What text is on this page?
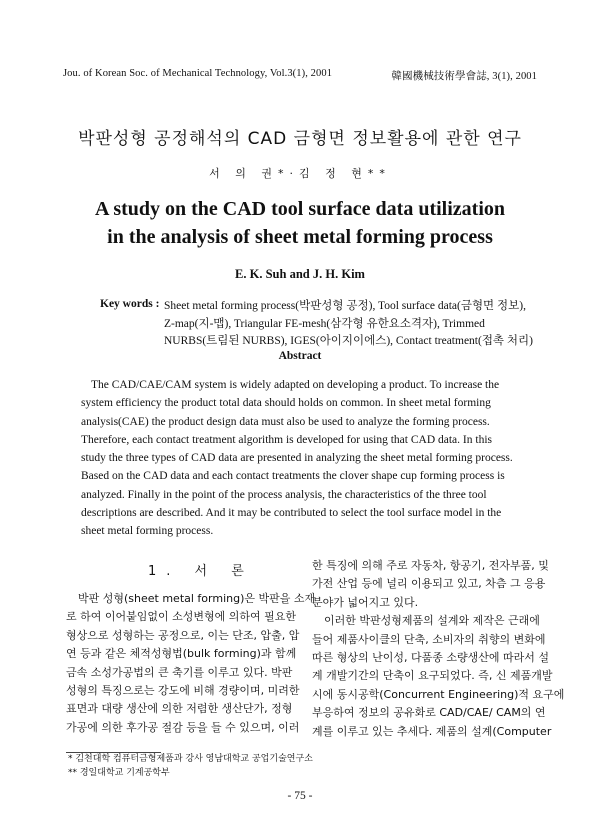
Jou. of Korean Soc. of Mechanical Technology, Vol.3(1), 2001	韓國機械技術學會誌, 3(1), 2001
박판성형 공정해석의 CAD 금형면 정보활용에 관한 연구
서 의 권*·김 정 현**
A study on the CAD tool surface data utilization
in the analysis of sheet metal forming process
E. K. Suh and J. H. Kim
Key words : Sheet metal forming process(박판성형 공정), Tool surface data(금형면 정보),
Z-map(지-맵), Triangular FE-mesh(삼각형 유한요소격자), Trimmed
NURBS(트림된 NURBS), IGES(아이지이에스), Contact treatment(접촉 처리)
Abstract
The CAD/CAE/CAM system is widely adapted on developing a product. To increase the
system efficiency the product total data should holds on common. In sheet metal forming
analysis(CAE) the product design data must also be used to analyze the forming process.
Therefore, each contact treatment algorithm is developed for using that CAD data. In this
study the three types of CAD data are presented in analyzing the sheet metal forming process.
Based on the CAD data and each contact treatments the clover shape cup forming process is
analyzed. Finally in the point of the process analysis, the characteristics of the three tool
descriptions are described. And it may be contributed to select the tool surface model in the
sheet metal forming process.
1. 서 론
박판 성형(sheet metal forming)은 박판을 소재
로 하여 이어붙임없이 소성변형에 의하여 필요한
형상으로 성형하는 공정으로, 이는 단조, 압출, 압
연 등과 같은 체적성형법(bulk forming)과 함께
금속 소성가공법의 큰 축기를 이루고 있다. 박판
성형의 특징으로는 강도에 비해 경량이며, 미려한
표면과 대량 생산에 의한 저렴한 생산단가, 정형
가공에 의한 후가공 절감 등을 들 수 있으며, 이러
한 특징에 의해 주로 자동차, 항공기, 전자부품, 및
가전 산업 등에 널리 이용되고 있고, 차츰 그 응용
분야가 넓어지고 있다.
이러한 박판성형제품의 설계와 제작은 근래에
들어 제품사이클의 단축, 소비자의 취향의 변화에
따른 형상의 난이성, 다품종 소량생산에 따라서 설
계 개발기간의 단축이 요구되었다. 즉, 신 제품개발
시에 동시공학(Concurrent Engineering)적 요구에
부응하여 정보의 공유화로 CAD/CAE/ CAM의 연
계를 이루고 있는 추세다. 제품의 설계(Computer
* 김천대학 컴퓨터금형제품과 강사 영남대학교 공업기술연구소
** 경일대학교 기계공학부
- 75 -
